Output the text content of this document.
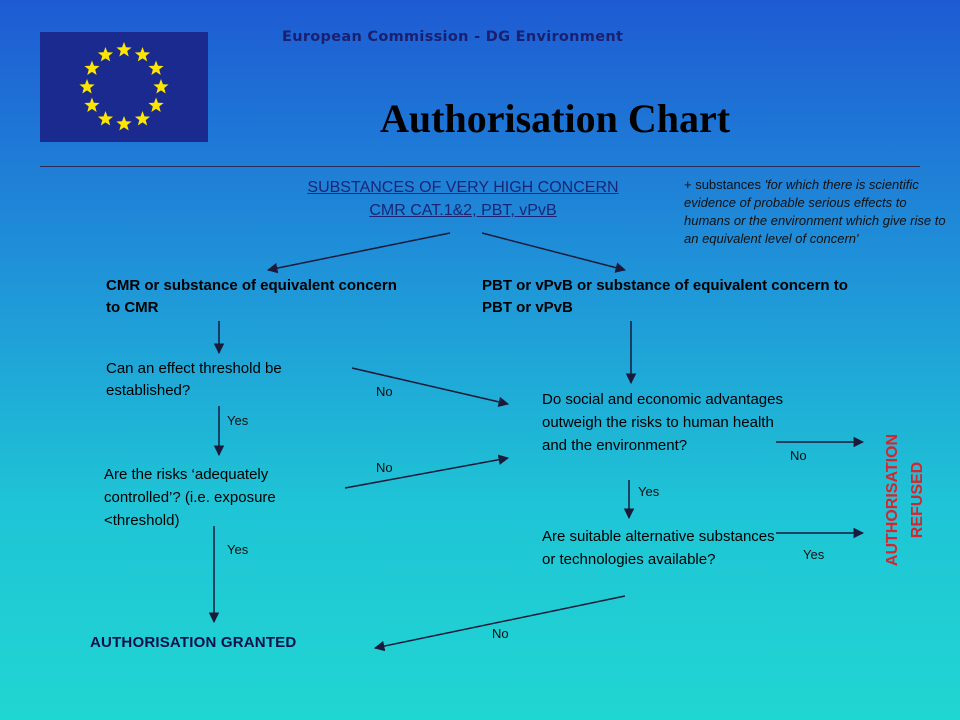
European Commission - DG Environment
Authorisation Chart
SUBSTANCES OF VERY HIGH CONCERN
CMR CAT.1&2, PBT, vPvB
+ substances 'for which there is scientific evidence of probable serious effects to humans or the environment which give rise to an equivalent level of concern'
CMR or substance of equivalent concern to CMR
PBT or vPvB or substance of equivalent concern to PBT or vPvB
Can an effect threshold be established?
Are the risks ‘adequately controlled’? (i.e. exposure <threshold)
Do social and economic advantages outweigh the risks to human health and the environment?
Are suitable alternative substances or technologies available?
AUTHORISATION GRANTED
AUTHORISATION REFUSED
Yes
No
No
Yes
No
Yes
Yes
No
